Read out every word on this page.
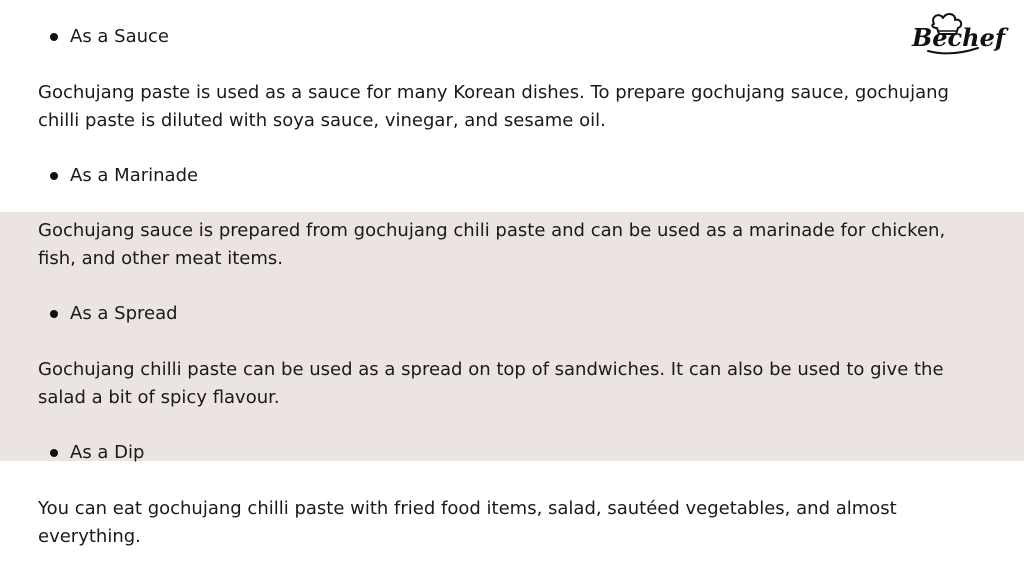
Bechef
As a Sauce

Gochujang paste is used as a sauce for many Korean dishes. To prepare gochujang sauce, gochujang chilli paste is diluted with soya sauce, vinegar, and sesame oil.

As a Marinade

Gochujang sauce is prepared from gochujang chili paste and can be used as a marinade for chicken, fish, and other meat items.

As a Spread

Gochujang chilli paste can be used as a spread on top of sandwiches. It can also be used to give the salad a bit of spicy flavour.

As a Dip

You can eat gochujang chilli paste with fried food items, salad, sautéed vegetables, and almost everything.
